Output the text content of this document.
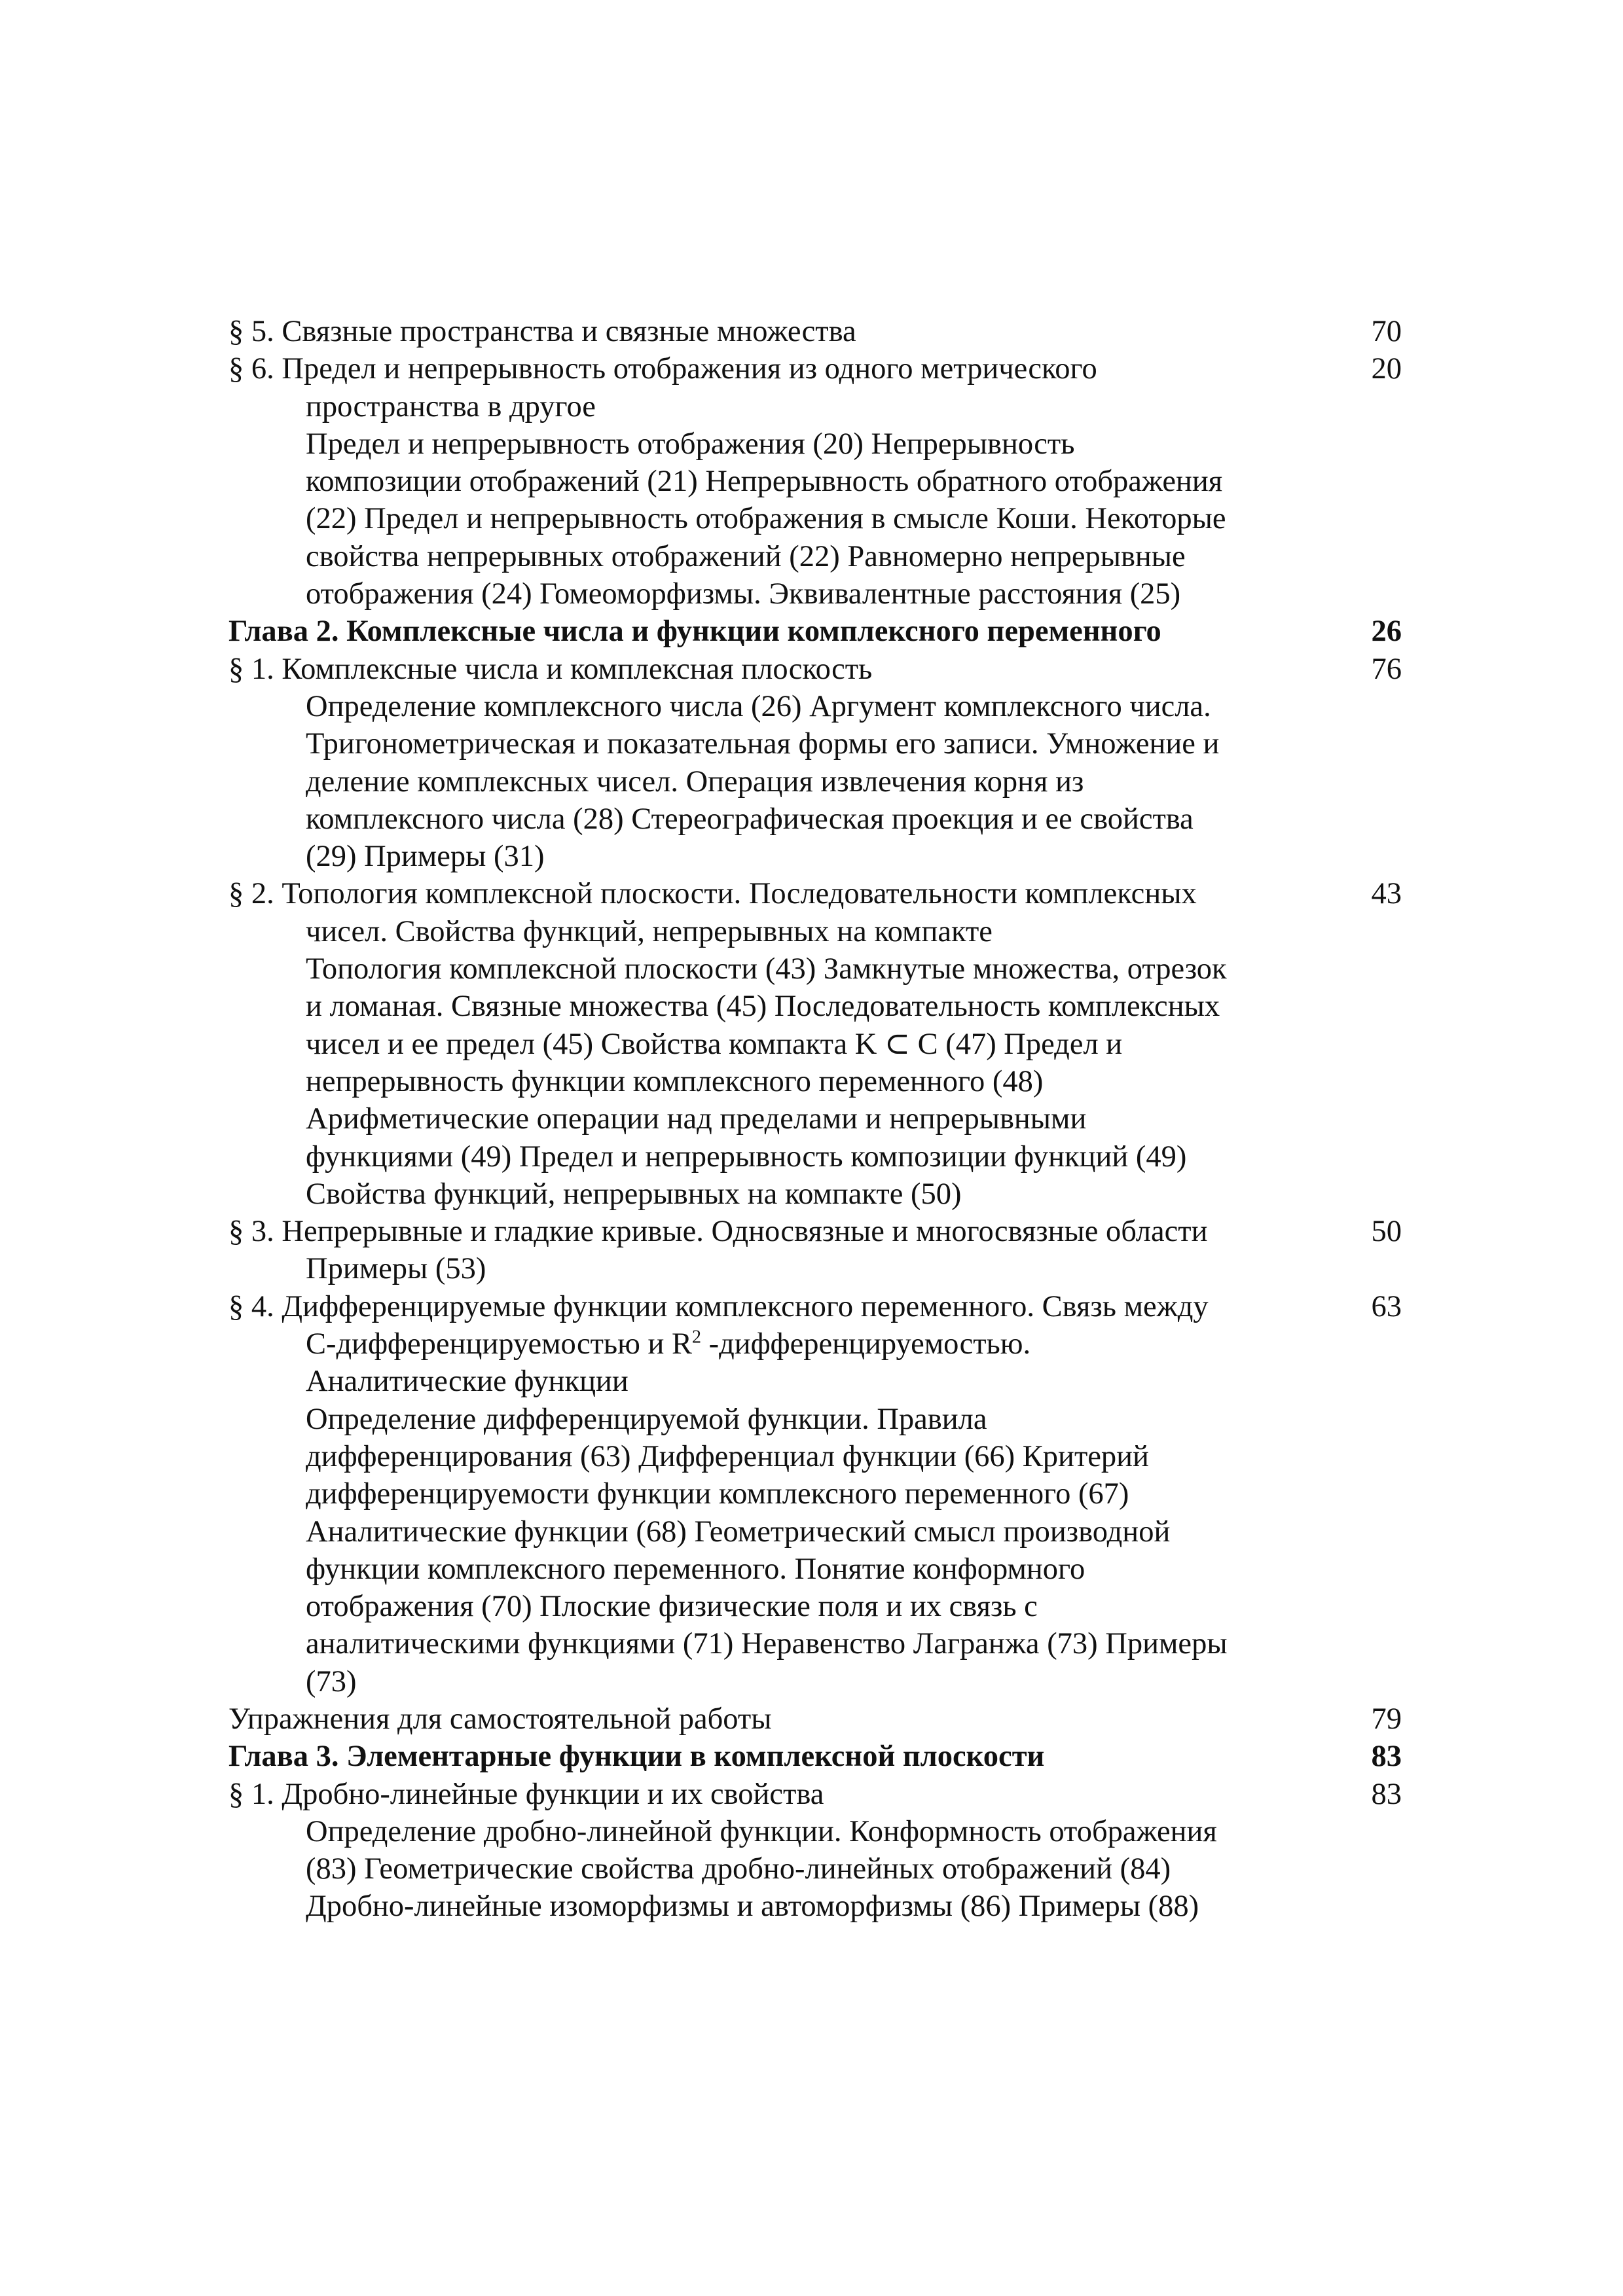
§ 5. Связные пространства и связные множества	70
§ 6. Предел и непрерывность отображения из одного метрического	20
пространства в другое
Предел и непрерывность отображения (20) Непрерывность
композиции отображений (21) Непрерывность обратного отображения
(22) Предел и непрерывность отображения в смысле Коши. Некоторые
свойства непрерывных отображений (22) Равномерно непрерывные
отображения (24) Гомеоморфизмы. Эквивалентные расстояния (25)
Глава 2. Комплексные числа и функции комплексного переменного	26
§ 1. Комплексные числа и комплексная плоскость	76
Определение комплексного числа (26) Аргумент комплексного числа.
Тригонометрическая и показательная формы его записи. Умножение и
деление комплексных чисел. Операция извлечения корня из
комплексного числа (28) Стереографическая проекция и ее свойства
(29) Примеры (31)
§ 2. Топология комплексной плоскости. Последовательности комплексных	43
чисел. Свойства функций, непрерывных на компакте
Топология комплексной плоскости (43) Замкнутые множества, отрезок
и ломаная. Связные множества (45) Последовательность комплексных
чисел и ее предел (45) Свойства компакта K ⊂ C (47) Предел и
непрерывность функции комплексного переменного (48)
Арифметические операции над пределами и непрерывными
функциями (49) Предел и непрерывность композиции функций (49)
Свойства функций, непрерывных на компакте (50)
§ 3. Непрерывные и гладкие кривые. Односвязные и многосвязные области	50
Примеры (53)
§ 4. Дифференцируемые функции комплексного переменного. Связь между	63
C-дифференцируемостью и $R^2$ -дифференцируемостью.
Аналитические функции
Определение дифференцируемой функции. Правила
дифференцирования (63) Дифференциал функции (66) Критерий
дифференцируемости функции комплексного переменного (67)
Аналитические функции (68) Геометрический смысл производной
функции комплексного переменного. Понятие конформного
отображения (70) Плоские физические поля и их связь с
аналитическими функциями (71) Неравенство Лагранжа (73) Примеры
(73)
Упражнения для самостоятельной работы	79
Глава 3. Элементарные функции в комплексной плоскости	83
§ 1. Дробно-линейные функции и их свойства	83
Определение дробно-линейной функции. Конформность отображения
(83) Геометрические свойства дробно-линейных отображений (84)
Дробно-линейные изоморфизмы и автоморфизмы (86) Примеры (88)
